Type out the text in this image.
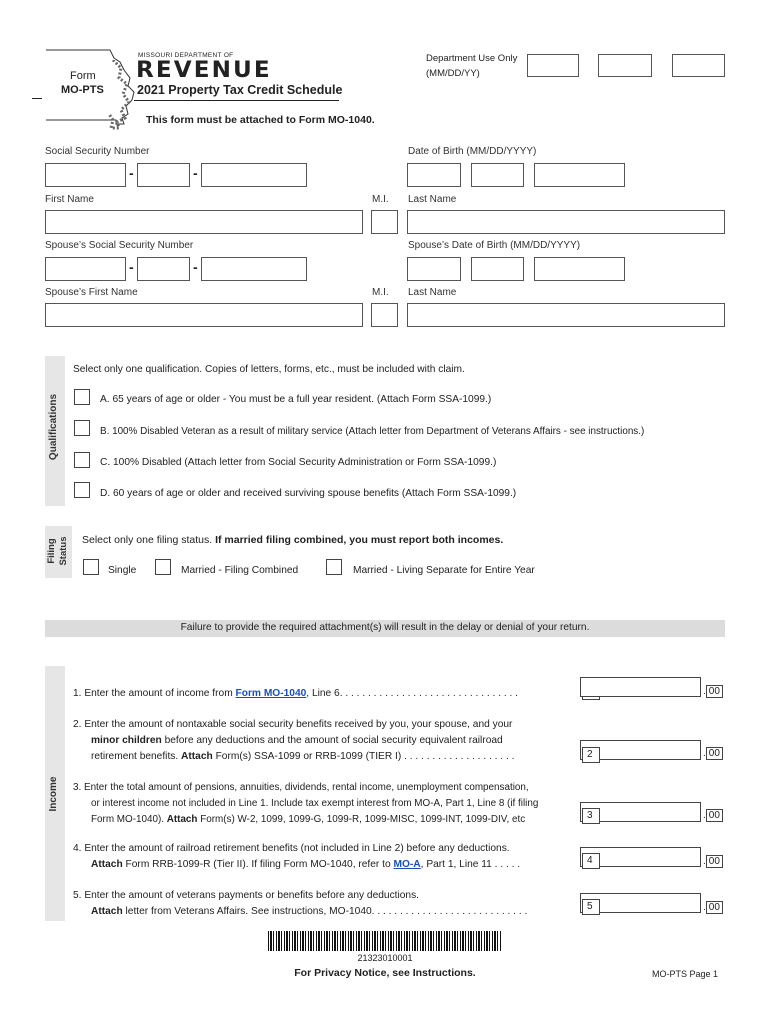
MISSOURI DEPARTMENT OF
REVENUE
Form
MO-PTS	2021 Property Tax Credit Schedule
This form must be attached to Form MO-1040.
Department Use Only
(MM/DD/YY)
Social Security Number	Date of Birth (MM/DD/YYYY)
-	-
First Name	M.I. Last Name
Spouse’s Social Security Number	Spouse’s Date of Birth (MM/DD/YYYY)
-	-
Spouse’s First Name	M.I. Last Name
Qualifications
Select only one qualification. Copies of letters, forms, etc., must be included with claim.
A. 65 years of age or older - You must be a full year resident. (Attach Form SSA-1099.)
B. 100% Disabled Veteran as a result of military service (Attach letter from Department of Veterans Affairs - see instructions.)
C. 100% Disabled (Attach letter from Social Security Administration or Form SSA-1099.)
D. 60 years of age or older and received surviving spouse benefits (Attach Form SSA-1099.)
Filing Status Select only one filing status. If married filing combined, you must report both incomes.
Single	Married - Filing Combined	Married - Living Separate for Entire Year
Failure to provide the required attachment(s) will result in the delay or denial of your return.
Income
1. Enter the amount of income from Form MO-1040, Line 6. . . . . . . . . . . . . . . . . . . . . . . . . . . . . . . .	. 00
2. Enter the amount of nontaxable social security benefits received by you, your spouse, and your
minor children before any deductions and the amount of social security equivalent railroad
retirement benefits. Attach Form(s) SSA-1099 or RRB-1099 (TIER I) . . . . . . . . . . . . . . . . . . . .	2	. 00
3. Enter the total amount of pensions, annuities, dividends, rental income, unemployment compensation,
or interest income not included in Line 1. Include tax exempt interest from MO-A, Part 1, Line 8 (if filing
Form MO-1040). Attach Form(s) W-2, 1099, 1099-G, 1099-R, 1099-MISC, 1099-INT, 1099-DIV, etc	3	. 00
4. Enter the amount of railroad retirement benefits (not included in Line 2) before any deductions.
Attach Form RRB-1099-R (Tier II). If filing Form MO-1040, refer to MO-A, Part 1, Line 11 . . . . .	4	. 00
5. Enter the amount of veterans payments or benefits before any deductions.
Attach letter from Veterans Affairs. See instructions, MO-1040. . . . . . . . . . . . . . . . . . . . . . . . . . . .	5	. 00
21323010001
For Privacy Notice, see Instructions.	MO-PTS Page 1
